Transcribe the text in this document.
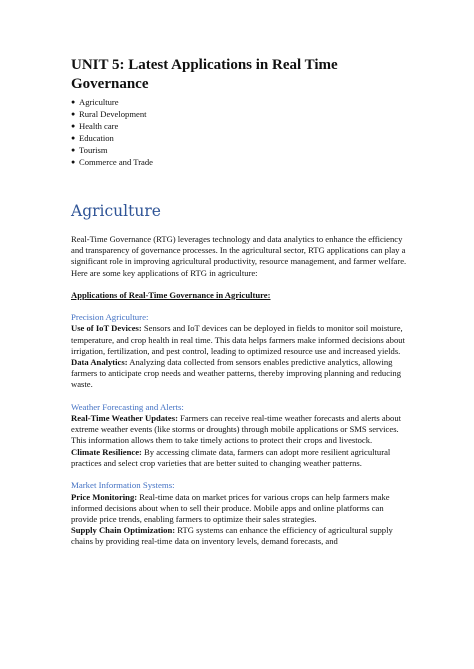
UNIT 5: Latest Applications in Real Time Governance
● Agriculture
● Rural Development
● Health care
● Education
● Tourism
● Commerce and Trade
Agriculture

Real-Time Governance (RTG) leverages technology and data analytics to enhance the efficiency and transparency of governance processes. In the agricultural sector, RTG applications can play a significant role in improving agricultural productivity, resource management, and farmer welfare. Here are some key applications of RTG in agriculture:

Applications of Real-Time Governance in Agriculture:

Precision Agriculture:

Use of IoT Devices: Sensors and IoT devices can be deployed in fields to monitor soil moisture, temperature, and crop health in real time. This data helps farmers make informed decisions about irrigation, fertilization, and pest control, leading to optimized resource use and increased yields.

Data Analytics: Analyzing data collected from sensors enables predictive analytics, allowing farmers to anticipate crop needs and weather patterns, thereby improving planning and reducing waste.

Weather Forecasting and Alerts:

Real-Time Weather Updates: Farmers can receive real-time weather forecasts and alerts about extreme weather events (like storms or droughts) through mobile applications or SMS services. This information allows them to take timely actions to protect their crops and livestock.

Climate Resilience: By accessing climate data, farmers can adopt more resilient agricultural practices and select crop varieties that are better suited to changing weather patterns.

Market Information Systems:

Price Monitoring: Real-time data on market prices for various crops can help farmers make informed decisions about when to sell their produce. Mobile apps and online platforms can provide price trends, enabling farmers to optimize their sales strategies.

Supply Chain Optimization: RTG systems can enhance the efficiency of agricultural supply chains by providing real-time data on inventory levels, demand forecasts, and
